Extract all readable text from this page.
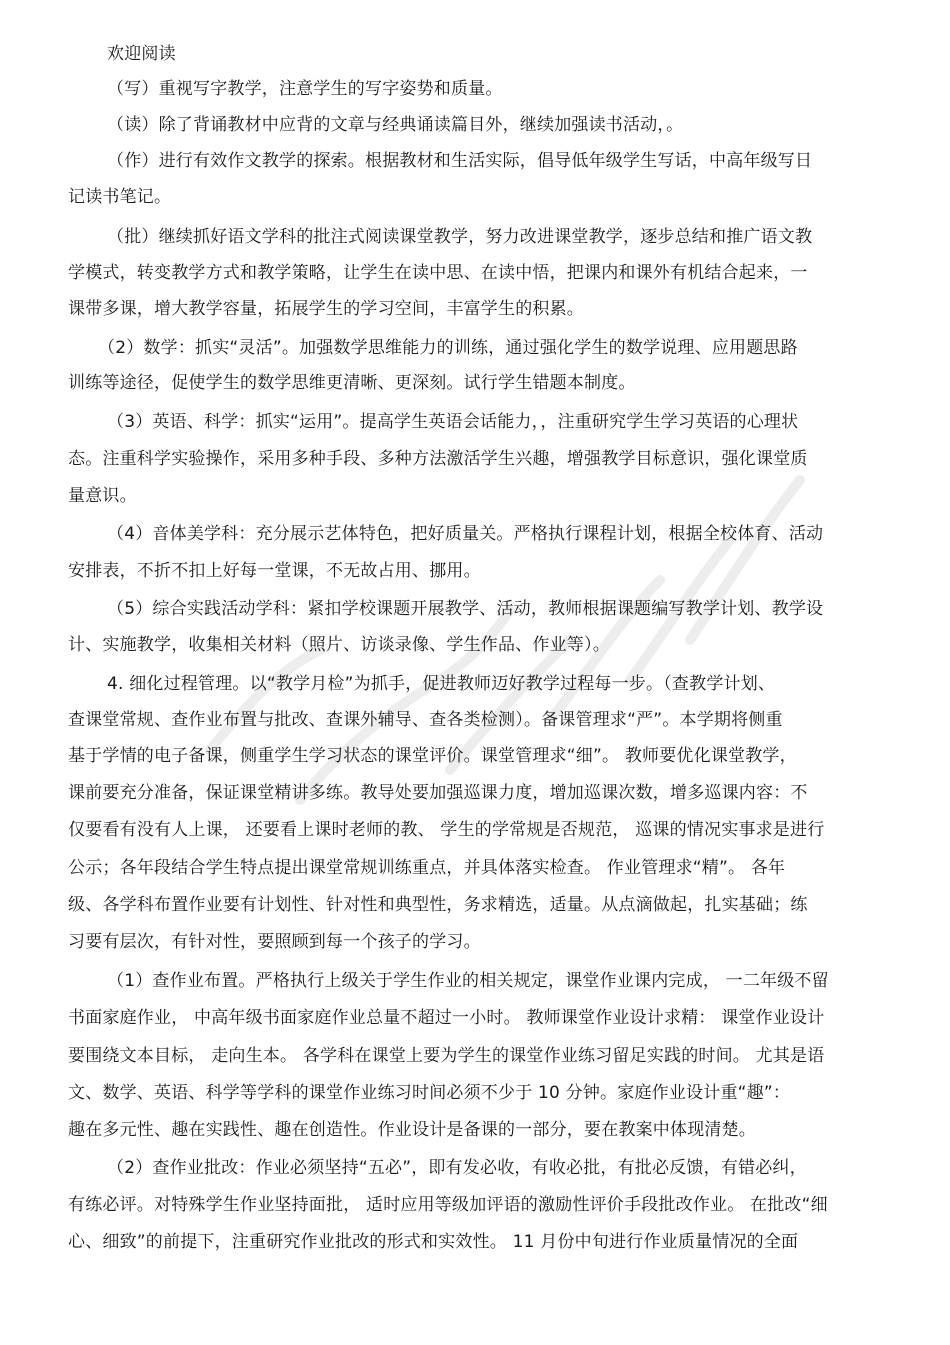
欢迎阅读
（写）重视写字教学，注意学生的写字姿势和质量。
（读）除了背诵教材中应背的文章与经典诵读篇目外，继续加强读书活动，。
（作）进行有效作文教学的探索。根据教材和生活实际，倡导低年级学生写话，中高年级写日
记读书笔记。
（批）继续抓好语文学科的批注式阅读课堂教学，努力改进课堂教学，逐步总结和推广语文教
学模式，转变教学方式和教学策略，让学生在读中思、在读中悟，把课内和课外有机结合起来，一
课带多课，增大教学容量，拓展学生的学习空间，丰富学生的积累。
（2）数学：抓实“灵活”。加强数学思维能力的训练，通过强化学生的数学说理、应用题思路
训练等途径，促使学生的数学思维更清晰、更深刻。试行学生错题本制度。
（3）英语、科学：抓实“运用”。提高学生英语会话能力，，注重研究学生学习英语的心理状
态。注重科学实验操作，采用多种手段、多种方法激活学生兴趣，增强教学目标意识，强化课堂质
量意识。
（4）音体美学科：充分展示艺体特色，把好质量关。严格执行课程计划，根据全校体育、活动
安排表，不折不扣上好每一堂课，不无故占用、挪用。
（5）综合实践活动学科：紧扣学校课题开展教学、活动，教师根据课题编写教学计划、教学设
计、实施教学，收集相关材料（照片、访谈录像、学生作品、作业等）。
4. 细化过程管理。以“教学月检”为抓手，促进教师迈好教学过程每一步。（查教学计划、
查课堂常规、查作业布置与批改、查课外辅导、查各类检测）。备课管理求“严”。本学期将侧重
基于学情的电子备课，侧重学生学习状态的课堂评价。课堂管理求“细”。 教师要优化课堂教学，
课前要充分准备，保证课堂精讲多练。教导处要加强巡课力度，增加巡课次数，增多巡课内容：不
仅要看有没有人上课， 还要看上课时老师的教、 学生的学常规是否规范， 巡课的情况实事求是进行
公示；各年段结合学生特点提出课堂常规训练重点，并具体落实检查。 作业管理求“精”。 各年
级、各学科布置作业要有计划性、针对性和典型性，务求精选，适量。从点滴做起，扎实基础；练
习要有层次，有针对性，要照顾到每一个孩子的学习。
（1）查作业布置。严格执行上级关于学生作业的相关规定，课堂作业课内完成， 一二年级不留
书面家庭作业， 中高年级书面家庭作业总量不超过一小时。 教师课堂作业设计求精： 课堂作业设计
要围绕文本目标， 走向生本。 各学科在课堂上要为学生的课堂作业练习留足实践的时间。 尤其是语
文、数学、英语、科学等学科的课堂作业练习时间必须不少于 10 分钟。家庭作业设计重“趣”：
趣在多元性、趣在实践性、趣在创造性。作业设计是备课的一部分，要在教案中体现清楚。
（2）查作业批改：作业必须坚持“五必”，即有发必收，有收必批，有批必反馈，有错必纠，
有练必评。对特殊学生作业坚持面批， 适时应用等级加评语的激励性评价手段批改作业。 在批改“细
心、细致”的前提下，注重研究作业批改的形式和实效性。 11 月份中旬进行作业质量情况的全面
